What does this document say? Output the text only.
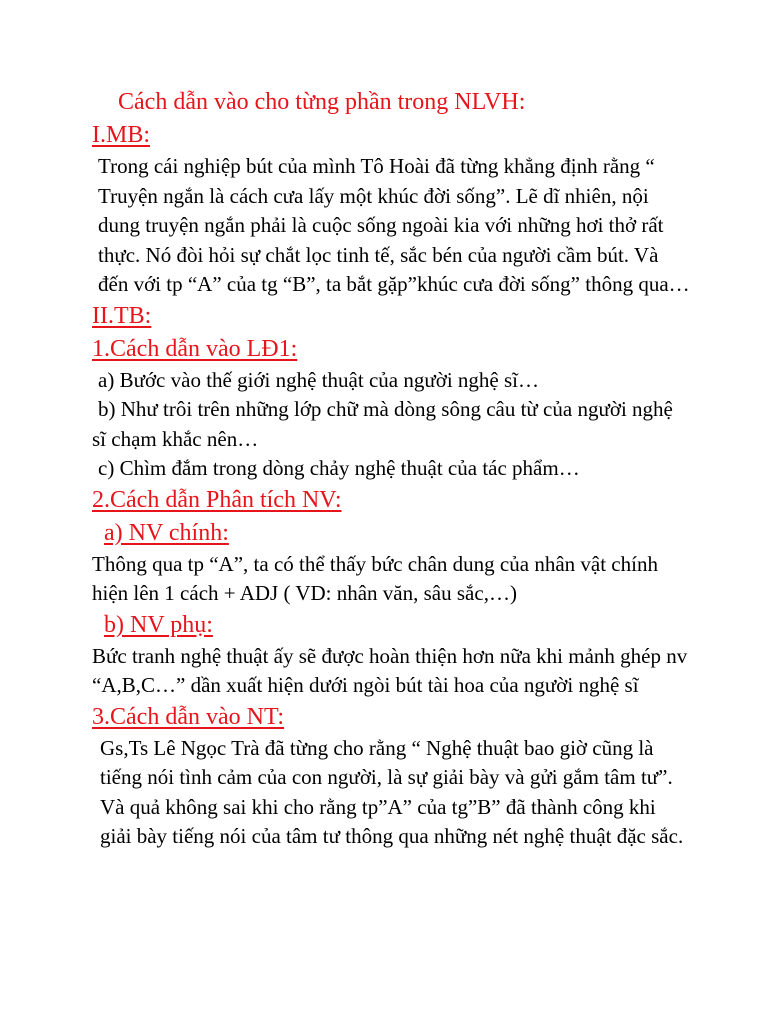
Cách dẫn vào cho từng phần trong NLVH:

I.MB:

Trong cái nghiệp bút của mình Tô Hoài đã từng khẳng định rằng “ Truyện ngắn là cách cưa lấy một khúc đời sống”. Lẽ dĩ nhiên, nội dung truyện ngắn phải là cuộc sống ngoài kia với những hơi thở rất thực. Nó đòi hỏi sự chắt lọc tinh tế, sắc bén của người cầm bút. Và đến với tp “A” của tg “B”, ta bắt gặp”khúc cưa đời sống” thông qua…

II.TB:

1.Cách dẫn vào LĐ1:

a) Bước vào thế giới nghệ thuật của người nghệ sĩ…

b) Như trôi trên những lớp chữ mà dòng sông câu từ của người nghệ sĩ chạm khắc nên…

c) Chìm đắm trong dòng chảy nghệ thuật của tác phẩm…

2.Cách dẫn Phân tích NV:

a) NV chính:

Thông qua tp “A”, ta có thể thấy bức chân dung của nhân vật chính hiện lên 1 cách + ADJ ( VD: nhân văn, sâu sắc,…)

b) NV phụ:

Bức tranh nghệ thuật ấy sẽ được hoàn thiện hơn nữa khi mảnh ghép nv “A,B,C…” dần xuất hiện dưới ngòi bút tài hoa của người nghệ sĩ

3.Cách dẫn vào NT:

Gs,Ts Lê Ngọc Trà đã từng cho rằng “ Nghệ thuật bao giờ cũng là tiếng nói tình cảm của con người, là sự giải bày và gửi gắm tâm tư”. Và quả không sai khi cho rằng tp”A” của tg”B” đã thành công khi giải bày tiếng nói của tâm tư thông qua những nét nghệ thuật đặc sắc.
